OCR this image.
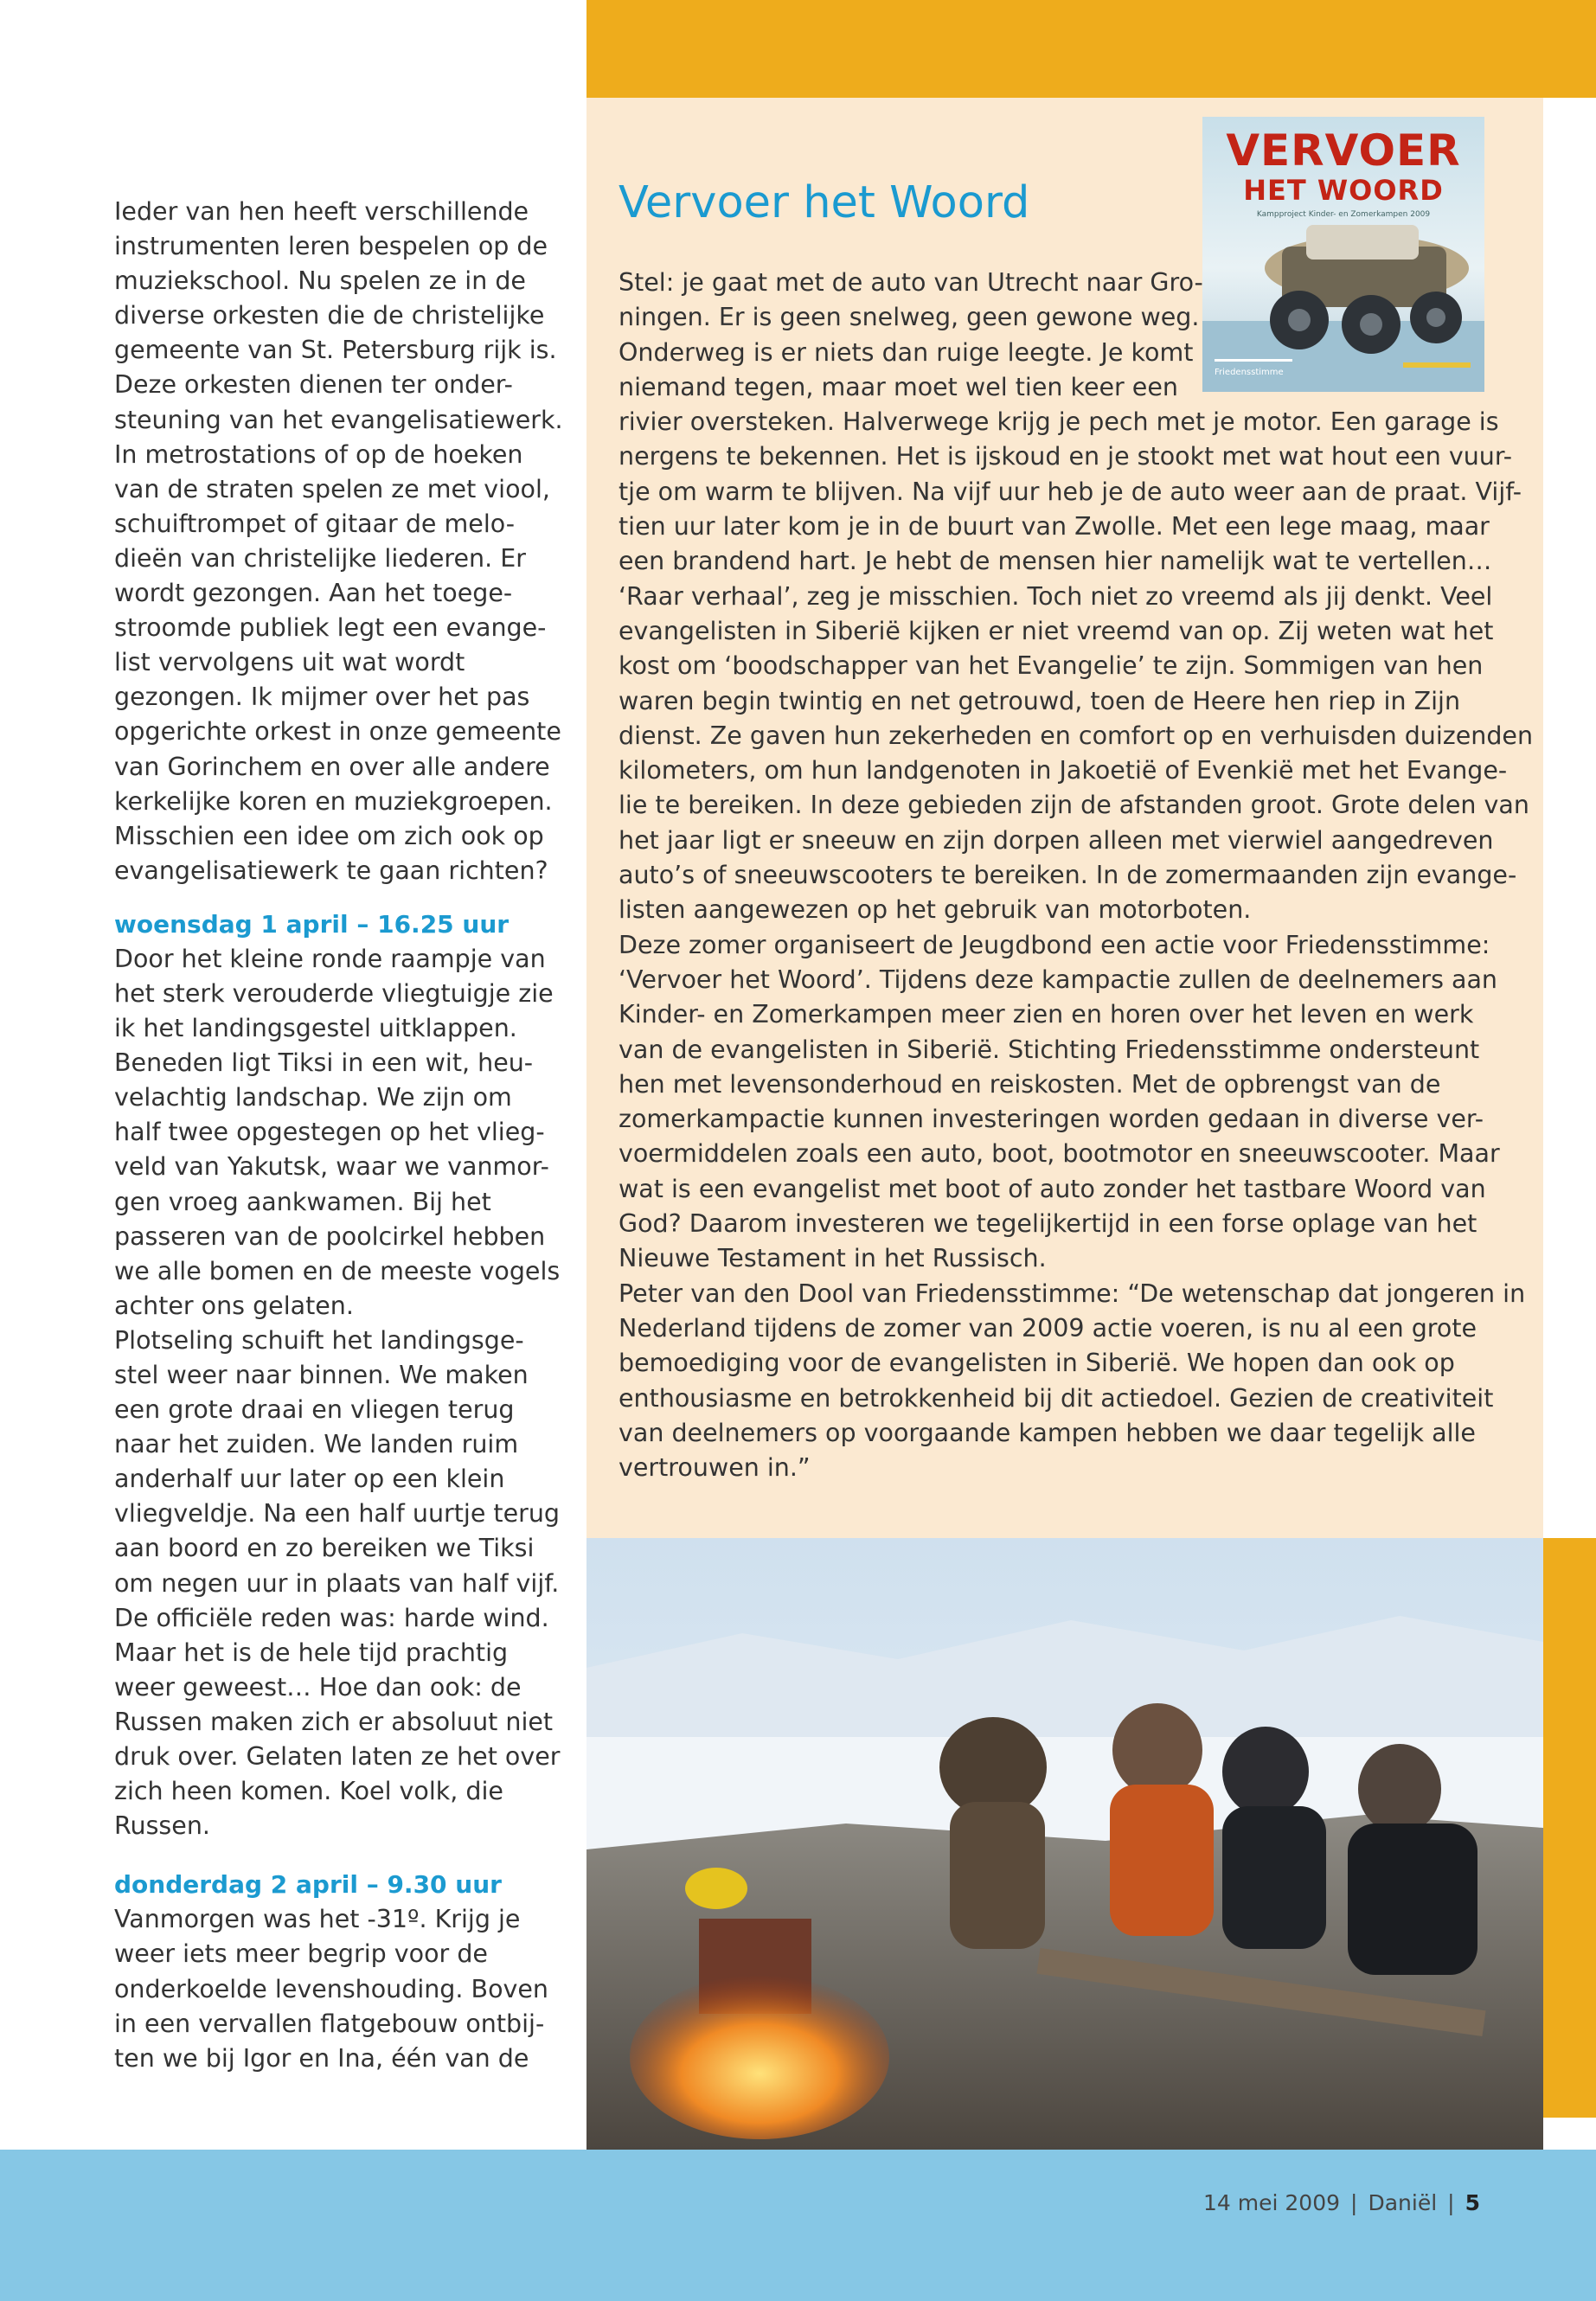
Ieder van hen heeft verschillende

instrumenten leren bespelen op de

muziekschool. Nu spelen ze in de

diverse orkesten die de christelijke

gemeente van St. Petersburg rijk is.

Deze orkesten dienen ter onder-

steuning van het evangelisatiewerk.

In metrostations of op de hoeken

van de straten spelen ze met viool,

schuiftrompet of gitaar de melo-

dieën van christelijke liederen. Er

wordt gezongen. Aan het toege-

stroomde publiek legt een evange-

list vervolgens uit wat wordt

gezongen. Ik mijmer over het pas

opgerichte orkest in onze gemeente

van Gorinchem en over alle andere

kerkelijke koren en muziekgroepen.

Misschien een idee om zich ook op

evangelisatiewerk te gaan richten?

woensdag 1 april – 16.25 uur

Door het kleine ronde raampje van

het sterk verouderde vliegtuigje zie

ik het landingsgestel uitklappen.

Beneden ligt Tiksi in een wit, heu-

velachtig landschap. We zijn om

half twee opgestegen op het vlieg-

veld van Yakutsk, waar we vanmor-

gen vroeg aankwamen. Bij het

passeren van de poolcirkel hebben

we alle bomen en de meeste vogels

achter ons gelaten.

Plotseling schuift het landingsge-

stel weer naar binnen. We maken

een grote draai en vliegen terug

naar het zuiden. We landen ruim

anderhalf uur later op een klein

vliegveldje. Na een half uurtje terug

aan boord en zo bereiken we Tiksi

om negen uur in plaats van half vijf.

De officiële reden was: harde wind.

Maar het is de hele tijd prachtig

weer geweest… Hoe dan ook: de

Russen maken zich er absoluut niet

druk over. Gelaten laten ze het over

zich heen komen. Koel volk, die

Russen.

donderdag 2 april – 9.30 uur

Vanmorgen was het -31º. Krijg je

weer iets meer begrip voor de

onderkoelde levenshouding. Boven

in een vervallen flatgebouw ontbij-

ten we bij Igor en Ina, één van de

Vervoer het Woord
VERVOER
HET WOORD
Kampproject Kinder- en Zomerkampen 2009
Friedensstimme

Stel: je gaat met de auto van Utrecht naar Gro-

ningen. Er is geen snelweg, geen gewone weg.

Onderweg is er niets dan ruige leegte. Je komt

niemand tegen, maar moet wel tien keer een

rivier oversteken. Halverwege krijg je pech met je motor. Een garage is

nergens te bekennen. Het is ijskoud en je stookt met wat hout een vuur-

tje om warm te blijven. Na vijf uur heb je de auto weer aan de praat. Vijf-

tien uur later kom je in de buurt van Zwolle. Met een lege maag, maar

een brandend hart. Je hebt de mensen hier namelijk wat te vertellen…

‘Raar verhaal’, zeg je misschien. Toch niet zo vreemd als jij denkt. Veel

evangelisten in Siberië kijken er niet vreemd van op. Zij weten wat het

kost om ‘boodschapper van het Evangelie’ te zijn. Sommigen van hen

waren begin twintig en net getrouwd, toen de Heere hen riep in Zijn

dienst. Ze gaven hun zekerheden en comfort op en verhuisden duizenden

kilometers, om hun landgenoten in Jakoetië of Evenkië met het Evange-

lie te bereiken. In deze gebieden zijn de afstanden groot. Grote delen van

het jaar ligt er sneeuw en zijn dorpen alleen met vierwiel aangedreven

auto’s of sneeuwscooters te bereiken. In de zomermaanden zijn evange-

listen aangewezen op het gebruik van motorboten.

Deze zomer organiseert de Jeugdbond een actie voor Friedensstimme:

‘Vervoer het Woord’. Tijdens deze kampactie zullen de deelnemers aan

Kinder- en Zomerkampen meer zien en horen over het leven en werk

van de evangelisten in Siberië. Stichting Friedensstimme ondersteunt

hen met levensonderhoud en reiskosten. Met de opbrengst van de

zomerkampactie kunnen investeringen worden gedaan in diverse ver-

voermiddelen zoals een auto, boot, bootmotor en sneeuwscooter. Maar

wat is een evangelist met boot of auto zonder het tastbare Woord van

God? Daarom investeren we tegelijkertijd in een forse oplage van het

Nieuwe Testament in het Russisch.

Peter van den Dool van Friedensstimme: “De wetenschap dat jongeren in

Nederland tijdens de zomer van 2009 actie voeren, is nu al een grote

bemoediging voor de evangelisten in Siberië. We hopen dan ook op

enthousiasme en betrokkenheid bij dit actiedoel. Gezien de creativiteit

van deelnemers op voorgaande kampen hebben we daar tegelijk alle

vertrouwen in.”

14 mei 2009 | Daniël | 5
